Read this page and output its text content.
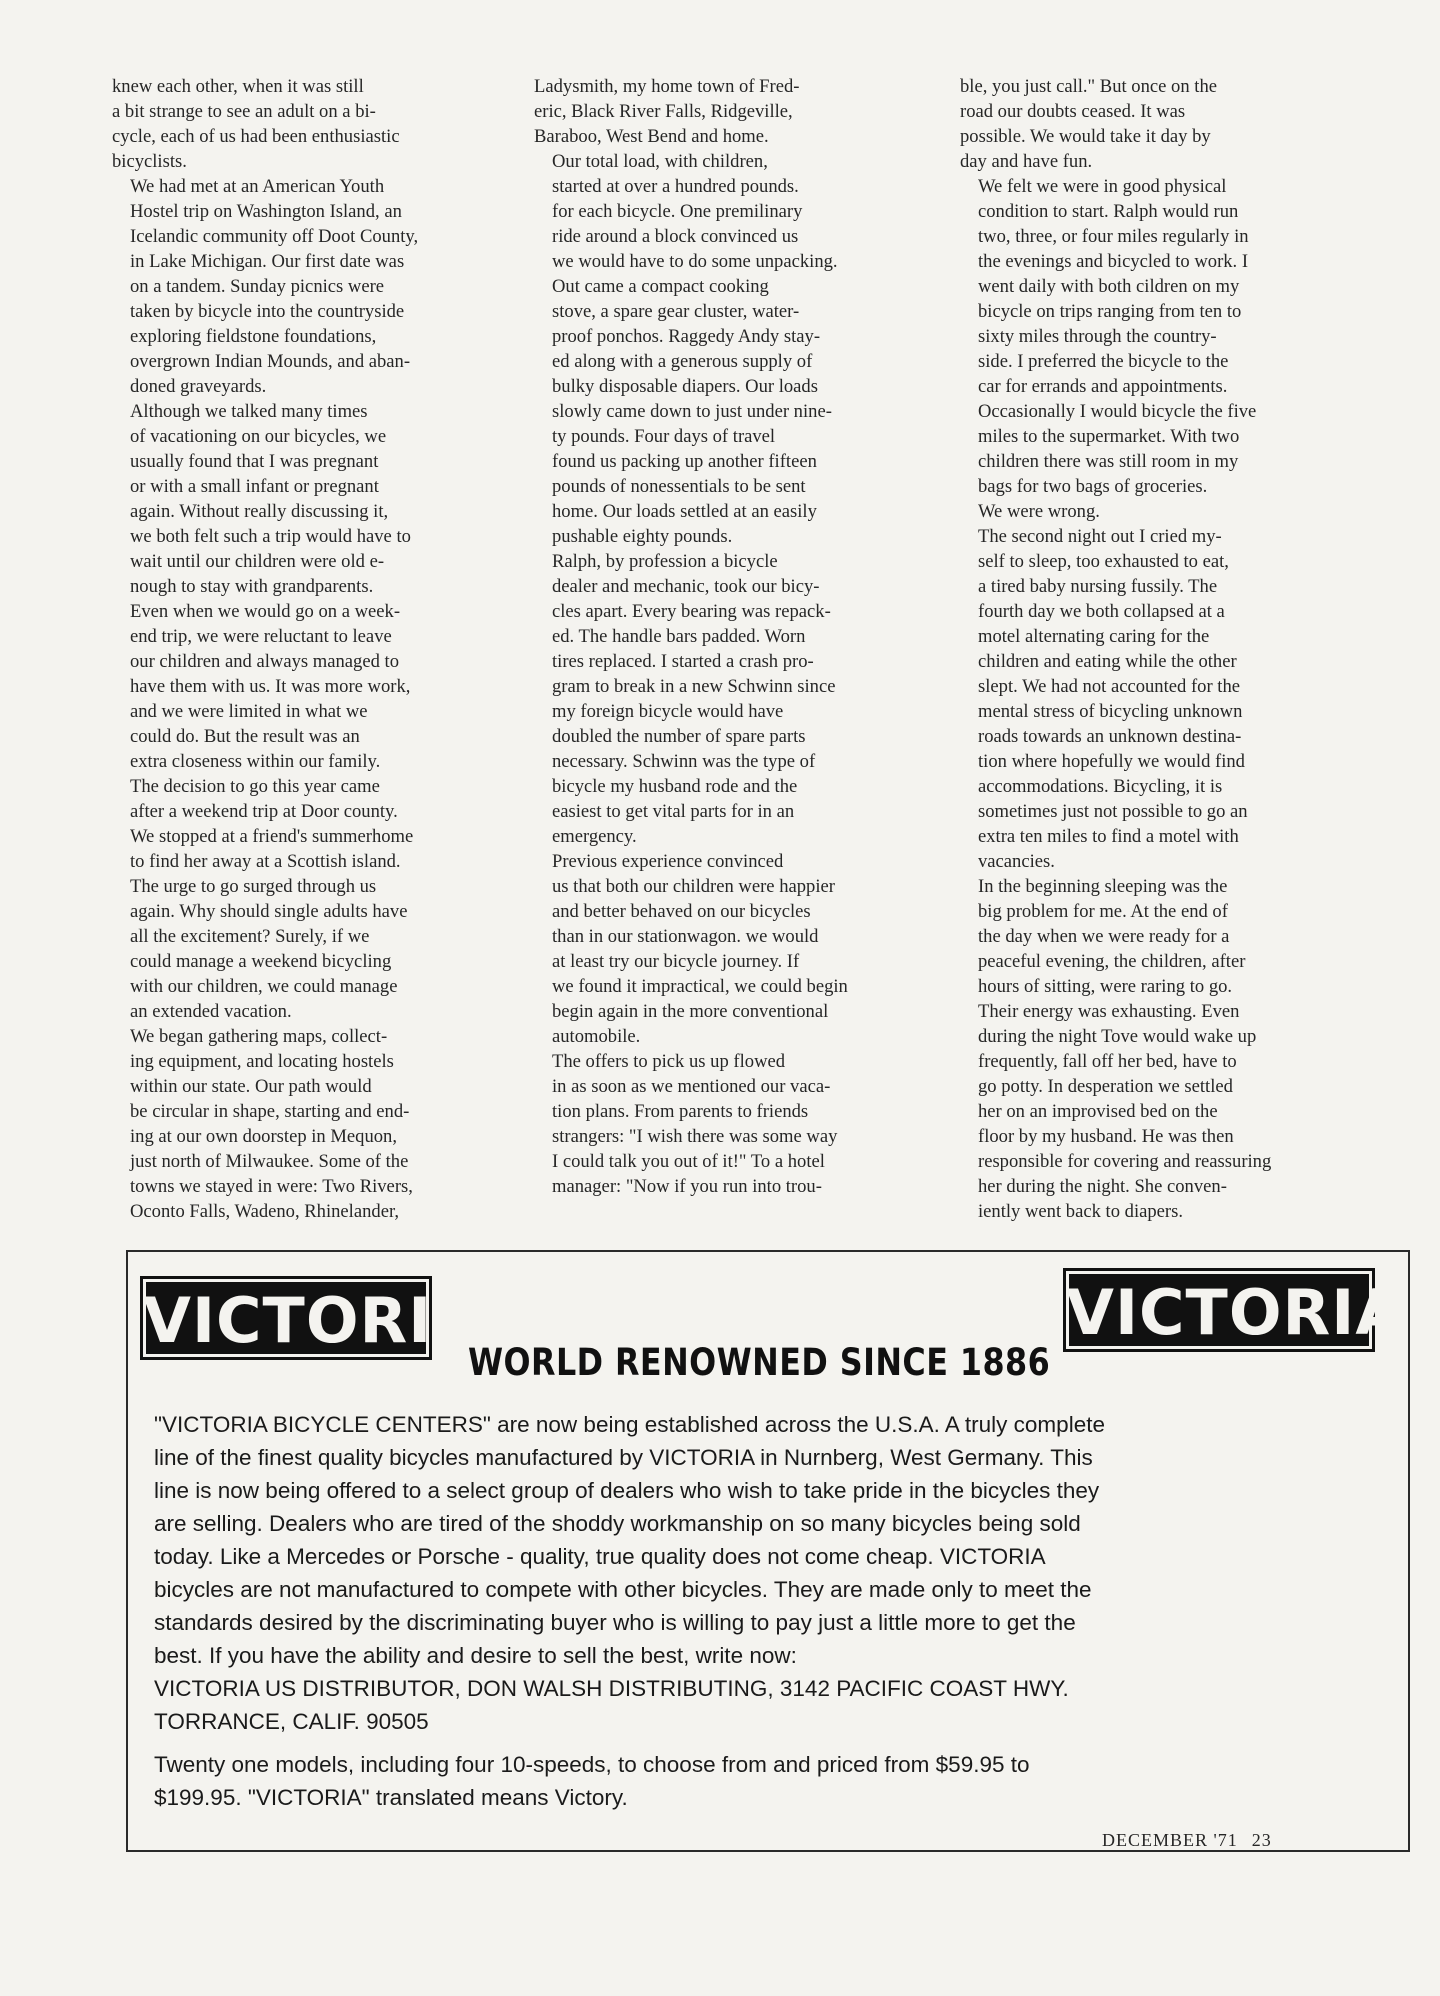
knew each other, when it was still
a bit strange to see an adult on a bi-
cycle, each of us had been enthusiastic
bicyclists.

We had met at an American Youth
Hostel trip on Washington Island, an
Icelandic community off Doot County,
in Lake Michigan. Our first date was
on a tandem. Sunday picnics were
taken by bicycle into the countryside
exploring fieldstone foundations,
overgrown Indian Mounds, and aban-
doned graveyards.

Although we talked many times
of vacationing on our bicycles, we
usually found that I was pregnant
or with a small infant or pregnant
again. Without really discussing it,
we both felt such a trip would have to
wait until our children were old e-
nough to stay with grandparents.

Even when we would go on a week-
end trip, we were reluctant to leave
our children and always managed to
have them with us. It was more work,
and we were limited in what we
could do. But the result was an
extra closeness within our family.

The decision to go this year came
after a weekend trip at Door county.
We stopped at a friend's summerhome
to find her away at a Scottish island.
The urge to go surged through us
again. Why should single adults have
all the excitement? Surely, if we
could manage a weekend bicycling
with our children, we could manage
an extended vacation.

We began gathering maps, collect-
ing equipment, and locating hostels
within our state. Our path would
be circular in shape, starting and end-
ing at our own doorstep in Mequon,
just north of Milwaukee. Some of the
towns we stayed in were: Two Rivers,
Oconto Falls, Wadeno, Rhinelander,

Ladysmith, my home town of Fred-
eric, Black River Falls, Ridgeville,
Baraboo, West Bend and home.

Our total load, with children,
started at over a hundred pounds.
for each bicycle. One premilinary
ride around a block convinced us
we would have to do some unpacking.

Out came a compact cooking
stove, a spare gear cluster, water-
proof ponchos. Raggedy Andy stay-
ed along with a generous supply of
bulky disposable diapers. Our loads
slowly came down to just under nine-
ty pounds. Four days of travel
found us packing up another fifteen
pounds of nonessentials to be sent
home. Our loads settled at an easily
pushable eighty pounds.

Ralph, by profession a bicycle
dealer and mechanic, took our bicy-
cles apart. Every bearing was repack-
ed. The handle bars padded. Worn
tires replaced. I started a crash pro-
gram to break in a new Schwinn since
my foreign bicycle would have
doubled the number of spare parts
necessary. Schwinn was the type of
bicycle my husband rode and the
easiest to get vital parts for in an
emergency.

Previous experience convinced
us that both our children were happier
and better behaved on our bicycles
than in our stationwagon. we would
at least try our bicycle journey. If
we found it impractical, we could begin
begin again in the more conventional
automobile.

The offers to pick us up flowed
in as soon as we mentioned our vaca-
tion plans. From parents to friends
strangers: "I wish there was some way
I could talk you out of it!" To a hotel
manager: "Now if you run into trou-

ble, you just call." But once on the
road our doubts ceased. It was
possible. We would take it day by
day and have fun.

We felt we were in good physical
condition to start. Ralph would run
two, three, or four miles regularly in
the evenings and bicycled to work. I
went daily with both cildren on my
bicycle on trips ranging from ten to
sixty miles through the country-
side. I preferred the bicycle to the
car for errands and appointments.
Occasionally I would bicycle the five
miles to the supermarket. With two
children there was still room in my
bags for two bags of groceries.

We were wrong.

The second night out I cried my-
self to sleep, too exhausted to eat,
a tired baby nursing fussily. The
fourth day we both collapsed at a
motel alternating caring for the
children and eating while the other
slept. We had not accounted for the
mental stress of bicycling unknown
roads towards an unknown destina-
tion where hopefully we would find
accommodations. Bicycling, it is
sometimes just not possible to go an
extra ten miles to find a motel with
vacancies.

In the beginning sleeping was the
big problem for me. At the end of
the day when we were ready for a
peaceful evening, the children, after
hours of sitting, were raring to go.

Their energy was exhausting. Even
during the night Tove would wake up
frequently, fall off her bed, have to
go potty. In desperation we settled
her on an improvised bed on the
floor by my husband. He was then
responsible for covering and reassuring
her during the night. She conven-
iently went back to diapers.

VICTORIA	VICTORIA
WORLD RENOWNED SINCE 1886
"VICTORIA BICYCLE CENTERS" are now being established across the U.S.A. A truly complete
line of the finest quality bicycles manufactured by VICTORIA in Nurnberg, West Germany. This
line is now being offered to a select group of dealers who wish to take pride in the bicycles they
are selling. Dealers who are tired of the shoddy workmanship on so many bicycles being sold
today. Like a Mercedes or Porsche - quality, true quality does not come cheap. VICTORIA
bicycles are not manufactured to compete with other bicycles. They are made only to meet the
standards desired by the discriminating buyer who is willing to pay just a little more to get the
best. If you have the ability and desire to sell the best, write now:
VICTORIA US DISTRIBUTOR, DON WALSH DISTRIBUTING, 3142 PACIFIC COAST HWY.
TORRANCE, CALIF. 90505
Twenty one models, including four 10-speeds, to choose from and priced from $59.95 to
$199.95. "VICTORIA" translated means Victory.
DECEMBER '71 23
